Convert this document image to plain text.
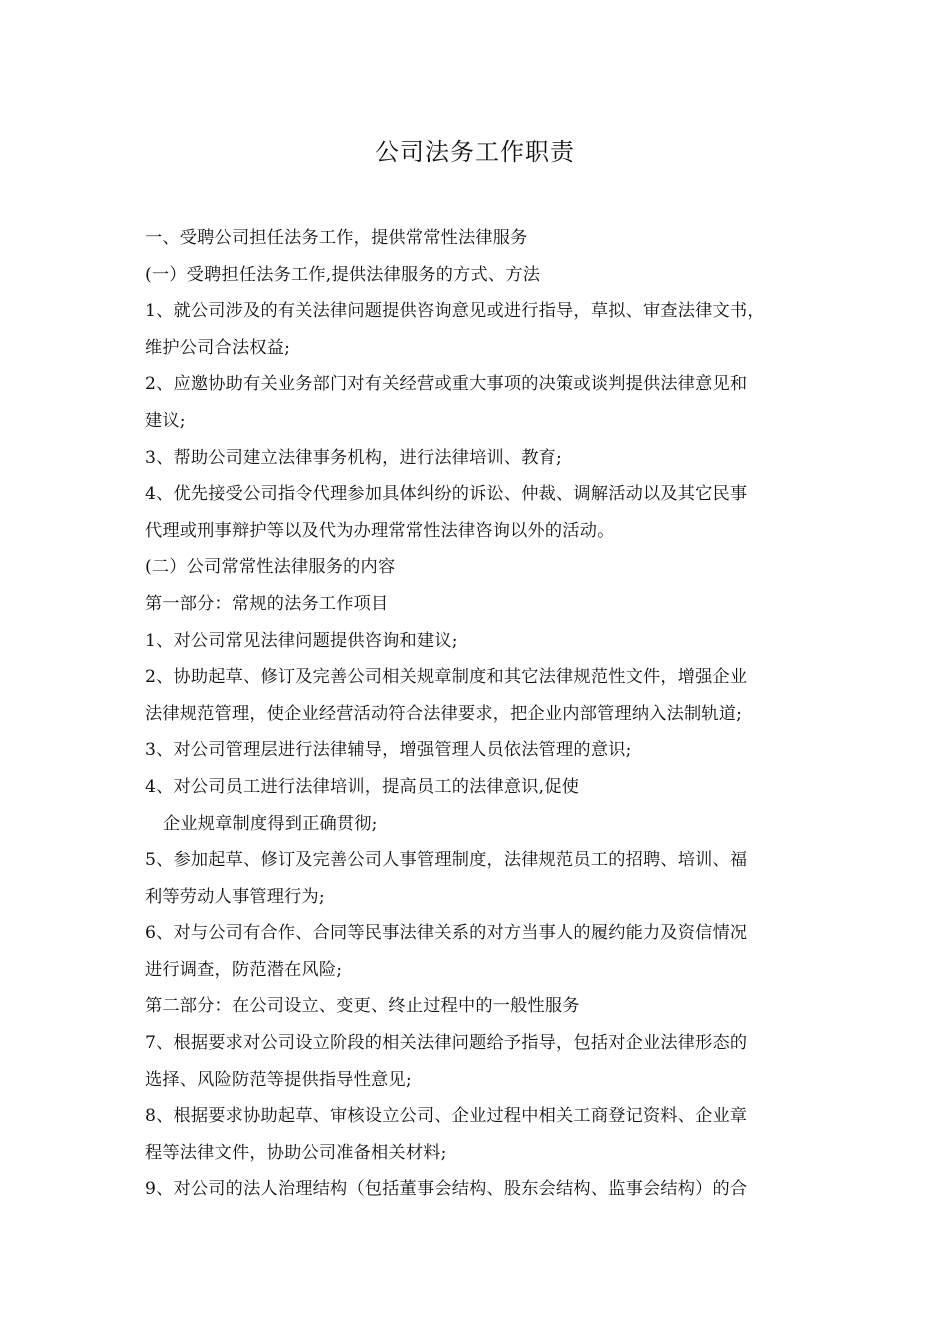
公司法务工作职责
一、受聘公司担任法务工作，提供常常性法律服务
(一）受聘担任法务工作,提供法律服务的方式、方法
1、就公司涉及的有关法律问题提供咨询意见或进行指导，草拟、审查法律文书，
维护公司合法权益;
2、应邀协助有关业务部门对有关经营或重大事项的决策或谈判提供法律意见和
建议;
3、帮助公司建立法律事务机构，进行法律培训、教育;
4、优先接受公司指令代理参加具体纠纷的诉讼、仲裁、调解活动以及其它民事
代理或刑事辩护等以及代为办理常常性法律咨询以外的活动。
(二）公司常常性法律服务的内容
第一部分：常规的法务工作项目
1、对公司常见法律问题提供咨询和建议;
2、协助起草、修订及完善公司相关规章制度和其它法律规范性文件，增强企业
法律规范管理，使企业经营活动符合法律要求，把企业内部管理纳入法制轨道;
3、对公司管理层进行法律辅导，增强管理人员依法管理的意识;
4、对公司员工进行法律培训，提高员工的法律意识,促使
企业规章制度得到正确贯彻;
5、参加起草、修订及完善公司人事管理制度，法律规范员工的招聘、培训、福
利等劳动人事管理行为;
6、对与公司有合作、合同等民事法律关系的对方当事人的履约能力及资信情况
进行调查，防范潜在风险;
第二部分：在公司设立、变更、终止过程中的一般性服务
7、根据要求对公司设立阶段的相关法律问题给予指导，包括对企业法律形态的
选择、风险防范等提供指导性意见;
8、根据要求协助起草、审核设立公司、企业过程中相关工商登记资料、企业章
程等法律文件，协助公司准备相关材料;
9、对公司的法人治理结构（包括董事会结构、股东会结构、监事会结构）的合
